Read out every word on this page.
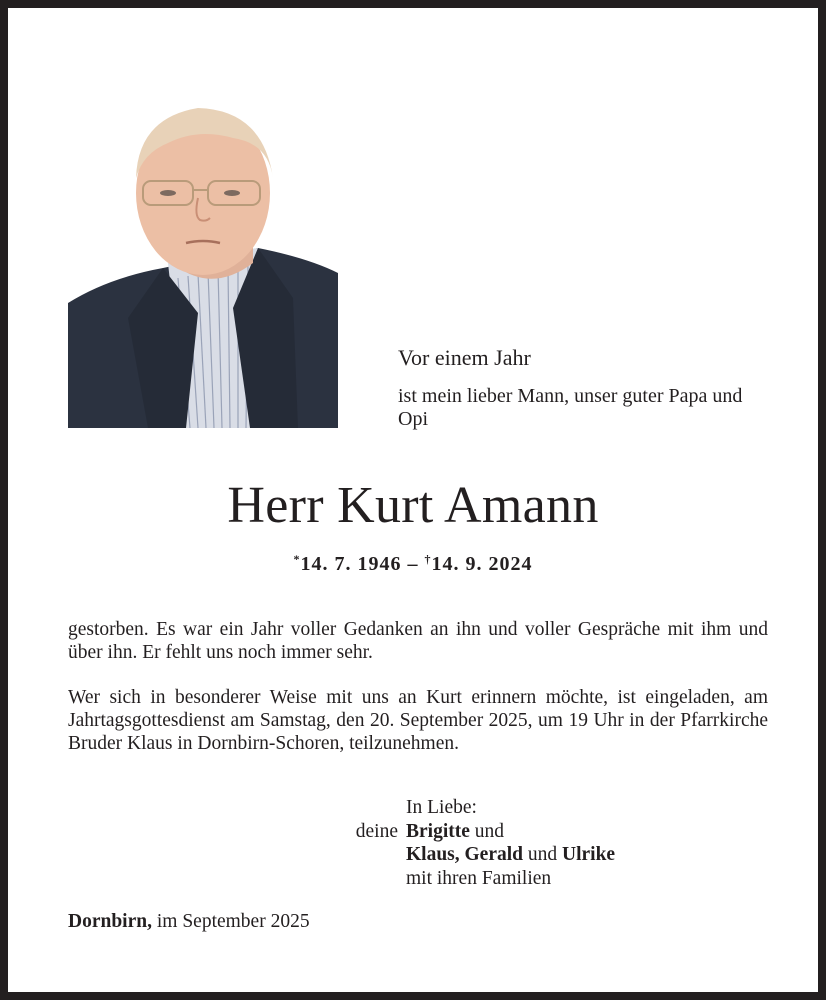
Vor einem Jahr
ist mein lieber Mann, unser guter Papa und Opi
Herr Kurt Amann
*14. 7. 1946 – †14. 9. 2024
gestorben. Es war ein Jahr voller Gedanken an ihn und voller Gespräche mit ihm und über ihn. Er fehlt uns noch immer sehr.
Wer sich in besonderer Weise mit uns an Kurt erinnern möchte, ist eingeladen, am Jahrtagsgottesdienst am Samstag, den 20. September 2025, um 19 Uhr in der Pfarrkirche Bruder Klaus in Dornbirn-Schoren, teilzunehmen.
In Liebe:
deine Brigitte und
Klaus, Gerald und Ulrike
mit ihren Familien
Dornbirn, im September 2025
